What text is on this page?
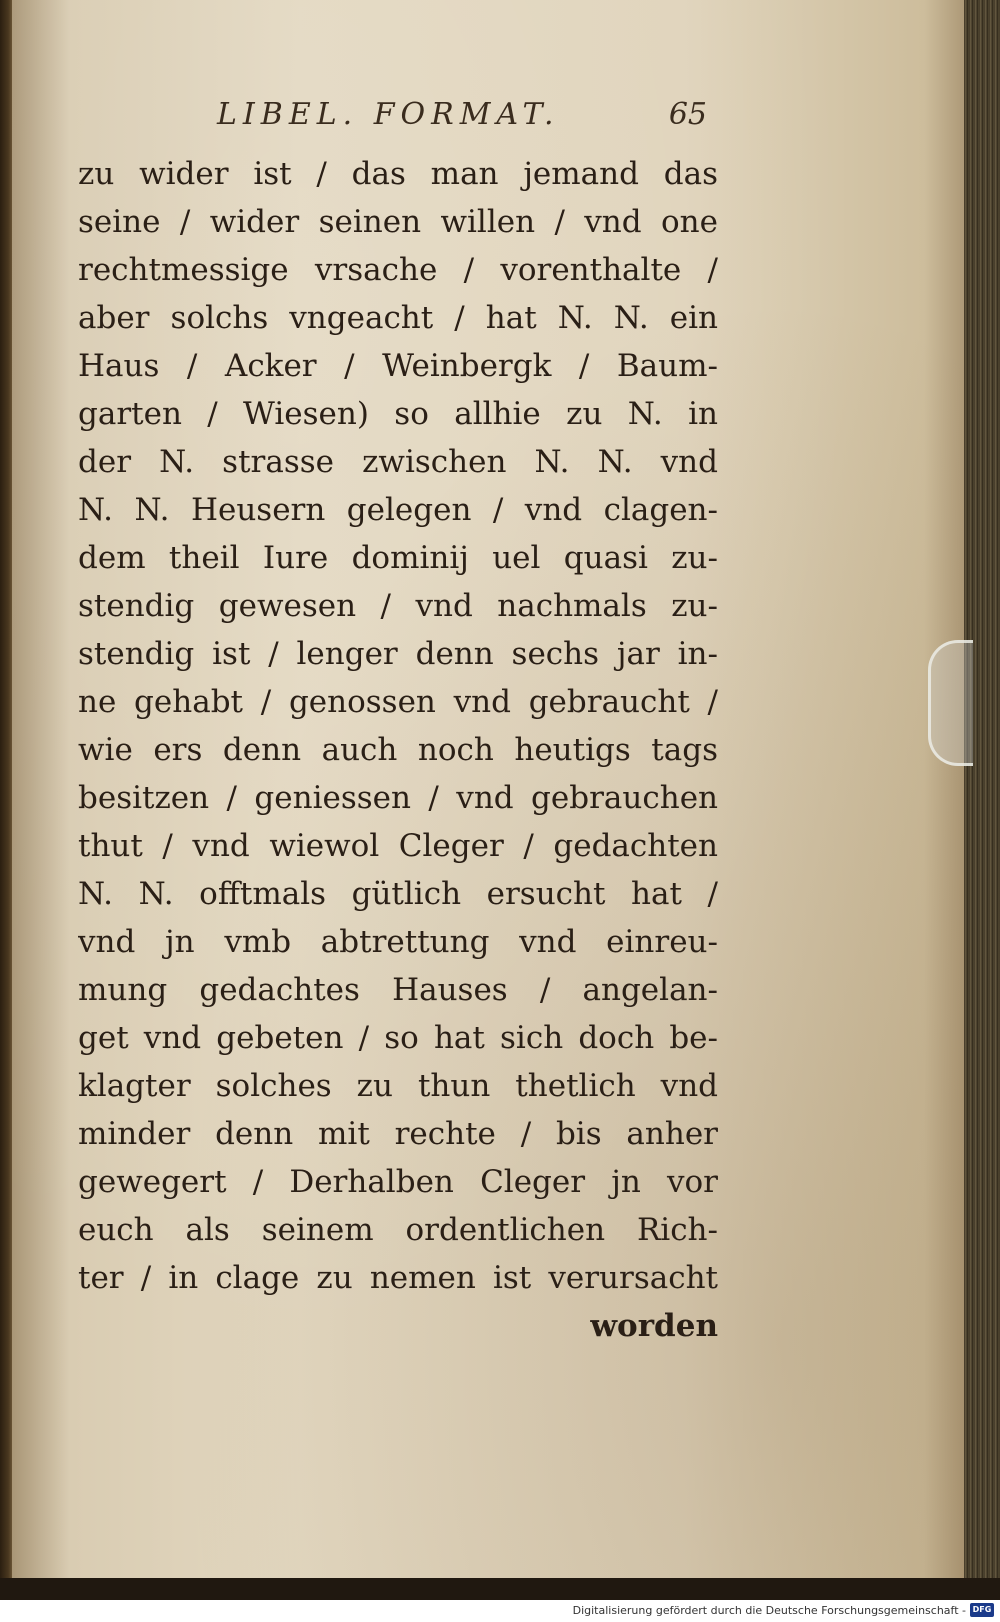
LIBEL. FORMAT.	65
zu wider ist / das man jemand das
seine / wider seinen willen / vnd one
rechtmessige vrsache / vorenthalte /
aber solchs vngeacht / hat N. N. ein
Haus / Acker / Weinbergk / Baum-
garten / Wiesen) so allhie zu N. in
der N. strasse zwischen N. N. vnd
N. N. Heusern gelegen / vnd clagen-
dem theil Iure dominij uel quasi zu-
stendig gewesen / vnd nachmals zu-
stendig ist / lenger denn sechs jar in-
ne gehabt / genossen vnd gebraucht /
wie ers denn auch noch heutigs tags
besitzen / geniessen / vnd gebrauchen
thut / vnd wiewol Cleger / gedachten
N. N. offtmals gütlich ersucht hat /
vnd jn vmb abtrettung vnd einreu-
mung gedachtes Hauses / angelan-
get vnd gebeten / so hat sich doch be-
klagter solches zu thun thetlich vnd
minder denn mit rechte / bis anher
gewegert / Derhalben Cleger jn vor
euch als seinem ordentlichen Rich-
ter / in clage zu nemen ist verursacht
worden
Digitalisierung gefördert durch die Deutsche Forschungsgemeinschaft - DFG
